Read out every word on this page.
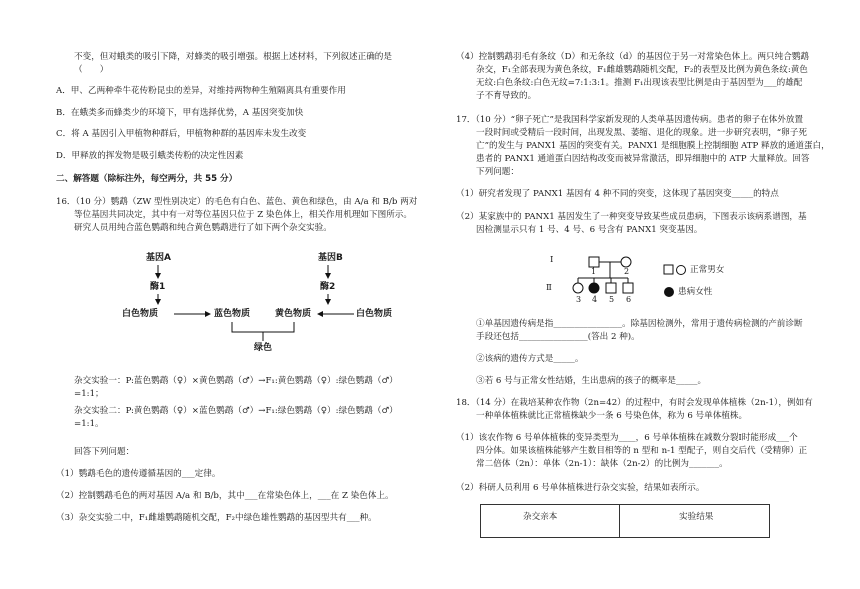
不变，但对蛾类的吸引下降，对蜂类的吸引增强。根据上述材料，下列叙述正确的是
（　　）
A．甲、乙两种牵牛花传粉昆虫的差异，对维持两物种生殖隔离具有重要作用
B．在蛾类多而蜂类少的环境下，甲有选择优势，A 基因突变加快
C．将 A 基因引入甲植物种群后，甲植物种群的基因库未发生改变
D．甲释放的挥发物是吸引蛾类传粉的决定性因素
二、解答题（除标注外，每空两分，共 55 分）
16．（10 分）鹦鹉（ZW 型性别决定）的毛色有白色、蓝色、黄色和绿色，由 A/a 和 B/b 两对
等位基因共同决定，其中有一对等位基因只位于 Z 染色体上，相关作用机理如下图所示。
研究人员用纯合蓝色鹦鹉和纯合黄色鹦鹉进行了如下两个杂交实验。
基因A	基因B
酶1	酶2
白色物质	蓝色物质	黄色物质	白色物质
绿色
杂交实验一：P:蓝色鹦鹉（♀）×黄色鹦鹉（♂）→F₁:黄色鹦鹉（♀）:绿色鹦鹉（♂）
=1:1；
杂交实验二：P:黄色鹦鹉（♀）×蓝色鹦鹉（♂）→F₁:绿色鹦鹉（♀）:绿色鹦鹉（♂）
=1:1。
回答下列问题：
（1）鹦鹉毛色的遗传遵循基因的___定律。
（2）控制鹦鹉毛色的两对基因 A/a 和 B/b，其中___在常染色体上，___在 Z 染色体上。
（3）杂交实验二中，F₁雌雄鹦鹉随机交配，F₂中绿色雄性鹦鹉的基因型共有___种。
（4）控制鹦鹉羽毛有条纹（D）和无条纹（d）的基因位于另一对常染色体上。两只纯合鹦鹉
杂交，F₁全部表现为黄色条纹，F₁雌雄鹦鹉随机交配，F₂的表型及比例为黄色条纹:黄色
无纹:白色条纹:白色无纹=7:1:3:1。推测 F₁出现该表型比例是由于基因型为___的雄配
子不育导致的。
17．（10 分）“卵子死亡”是我国科学家新发现的人类单基因遗传病。患者的卵子在体外放置
一段时间或受精后一段时间，出现发黑、萎缩、退化的现象。进一步研究表明，“卵子死
亡”的发生与 PANX1 基因的突变有关。PANX1 是细胞膜上控制细胞 ATP 释放的通道蛋白，
患者的 PANX1 通道蛋白因结构改变而被异常激活，即异细胞中的 ATP 大量释放。回答
下列问题：
（1）研究者发现了 PANX1 基因有 4 种不同的突变，这体现了基因突变_____的特点
（2）某家族中的 PANX1 基因发生了一种突变导致某些成员患病，下图表示该病系谱图，基
因检测显示只有 1 号、4 号、6 号含有 PANX1 突变基因。
Ⅰ
Ⅱ
1	2
3 4 5 6
正常男女
患病女性
①单基因遗传病是指________________。除基因检测外，常用于遗传病检测的产前诊断
手段还包括________________(答出 2 种)。
②该病的遗传方式是_____。
③若 6 号与正常女性结婚，生出患病的孩子的概率是_____。
18．（14 分）在栽培某种农作物（2n=42）的过程中，有时会发现单体植株（2n-1），例如有
一种单体植株就比正常植株缺少一条 6 号染色体，称为 6 号单体植株。
（1）该农作物 6 号单体植株的变异类型为____，6 号单体植株在减数分裂Ⅰ时能形成___个
四分体。如果该植株能够产生数目相等的 n 型和 n-1 型配子，则自交后代（受精卵）正
常二倍体（2n）：单体（2n-1）：缺体（2n-2）的比例为_______。
（2）科研人员利用 6 号单体植株进行杂交实验，结果如表所示。
杂交亲本	实验结果
